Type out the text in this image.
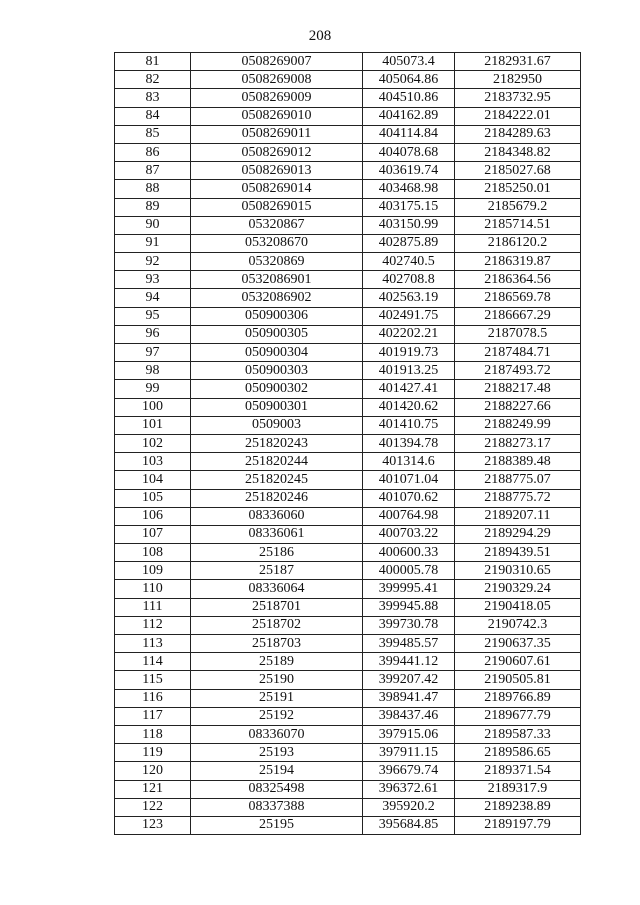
208
81	0508269007	405073.4	2182931.67
82	0508269008	405064.86	2182950
83	0508269009	404510.86	2183732.95
84	0508269010	404162.89	2184222.01
85	0508269011	404114.84	2184289.63
86	0508269012	404078.68	2184348.82
87	0508269013	403619.74	2185027.68
88	0508269014	403468.98	2185250.01
89	0508269015	403175.15	2185679.2
90	05320867	403150.99	2185714.51
91	053208670	402875.89	2186120.2
92	05320869	402740.5	2186319.87
93	0532086901	402708.8	2186364.56
94	0532086902	402563.19	2186569.78
95	050900306	402491.75	2186667.29
96	050900305	402202.21	2187078.5
97	050900304	401919.73	2187484.71
98	050900303	401913.25	2187493.72
99	050900302	401427.41	2188217.48
100	050900301	401420.62	2188227.66
101	0509003	401410.75	2188249.99
102	251820243	401394.78	2188273.17
103	251820244	401314.6	2188389.48
104	251820245	401071.04	2188775.07
105	251820246	401070.62	2188775.72
106	08336060	400764.98	2189207.11
107	08336061	400703.22	2189294.29
108	25186	400600.33	2189439.51
109	25187	400005.78	2190310.65
110	08336064	399995.41	2190329.24
111	2518701	399945.88	2190418.05
112	2518702	399730.78	2190742.3
113	2518703	399485.57	2190637.35
114	25189	399441.12	2190607.61
115	25190	399207.42	2190505.81
116	25191	398941.47	2189766.89
117	25192	398437.46	2189677.79
118	08336070	397915.06	2189587.33
119	25193	397911.15	2189586.65
120	25194	396679.74	2189371.54
121	08325498	396372.61	2189317.9
122	08337388	395920.2	2189238.89
123	25195	395684.85	2189197.79
